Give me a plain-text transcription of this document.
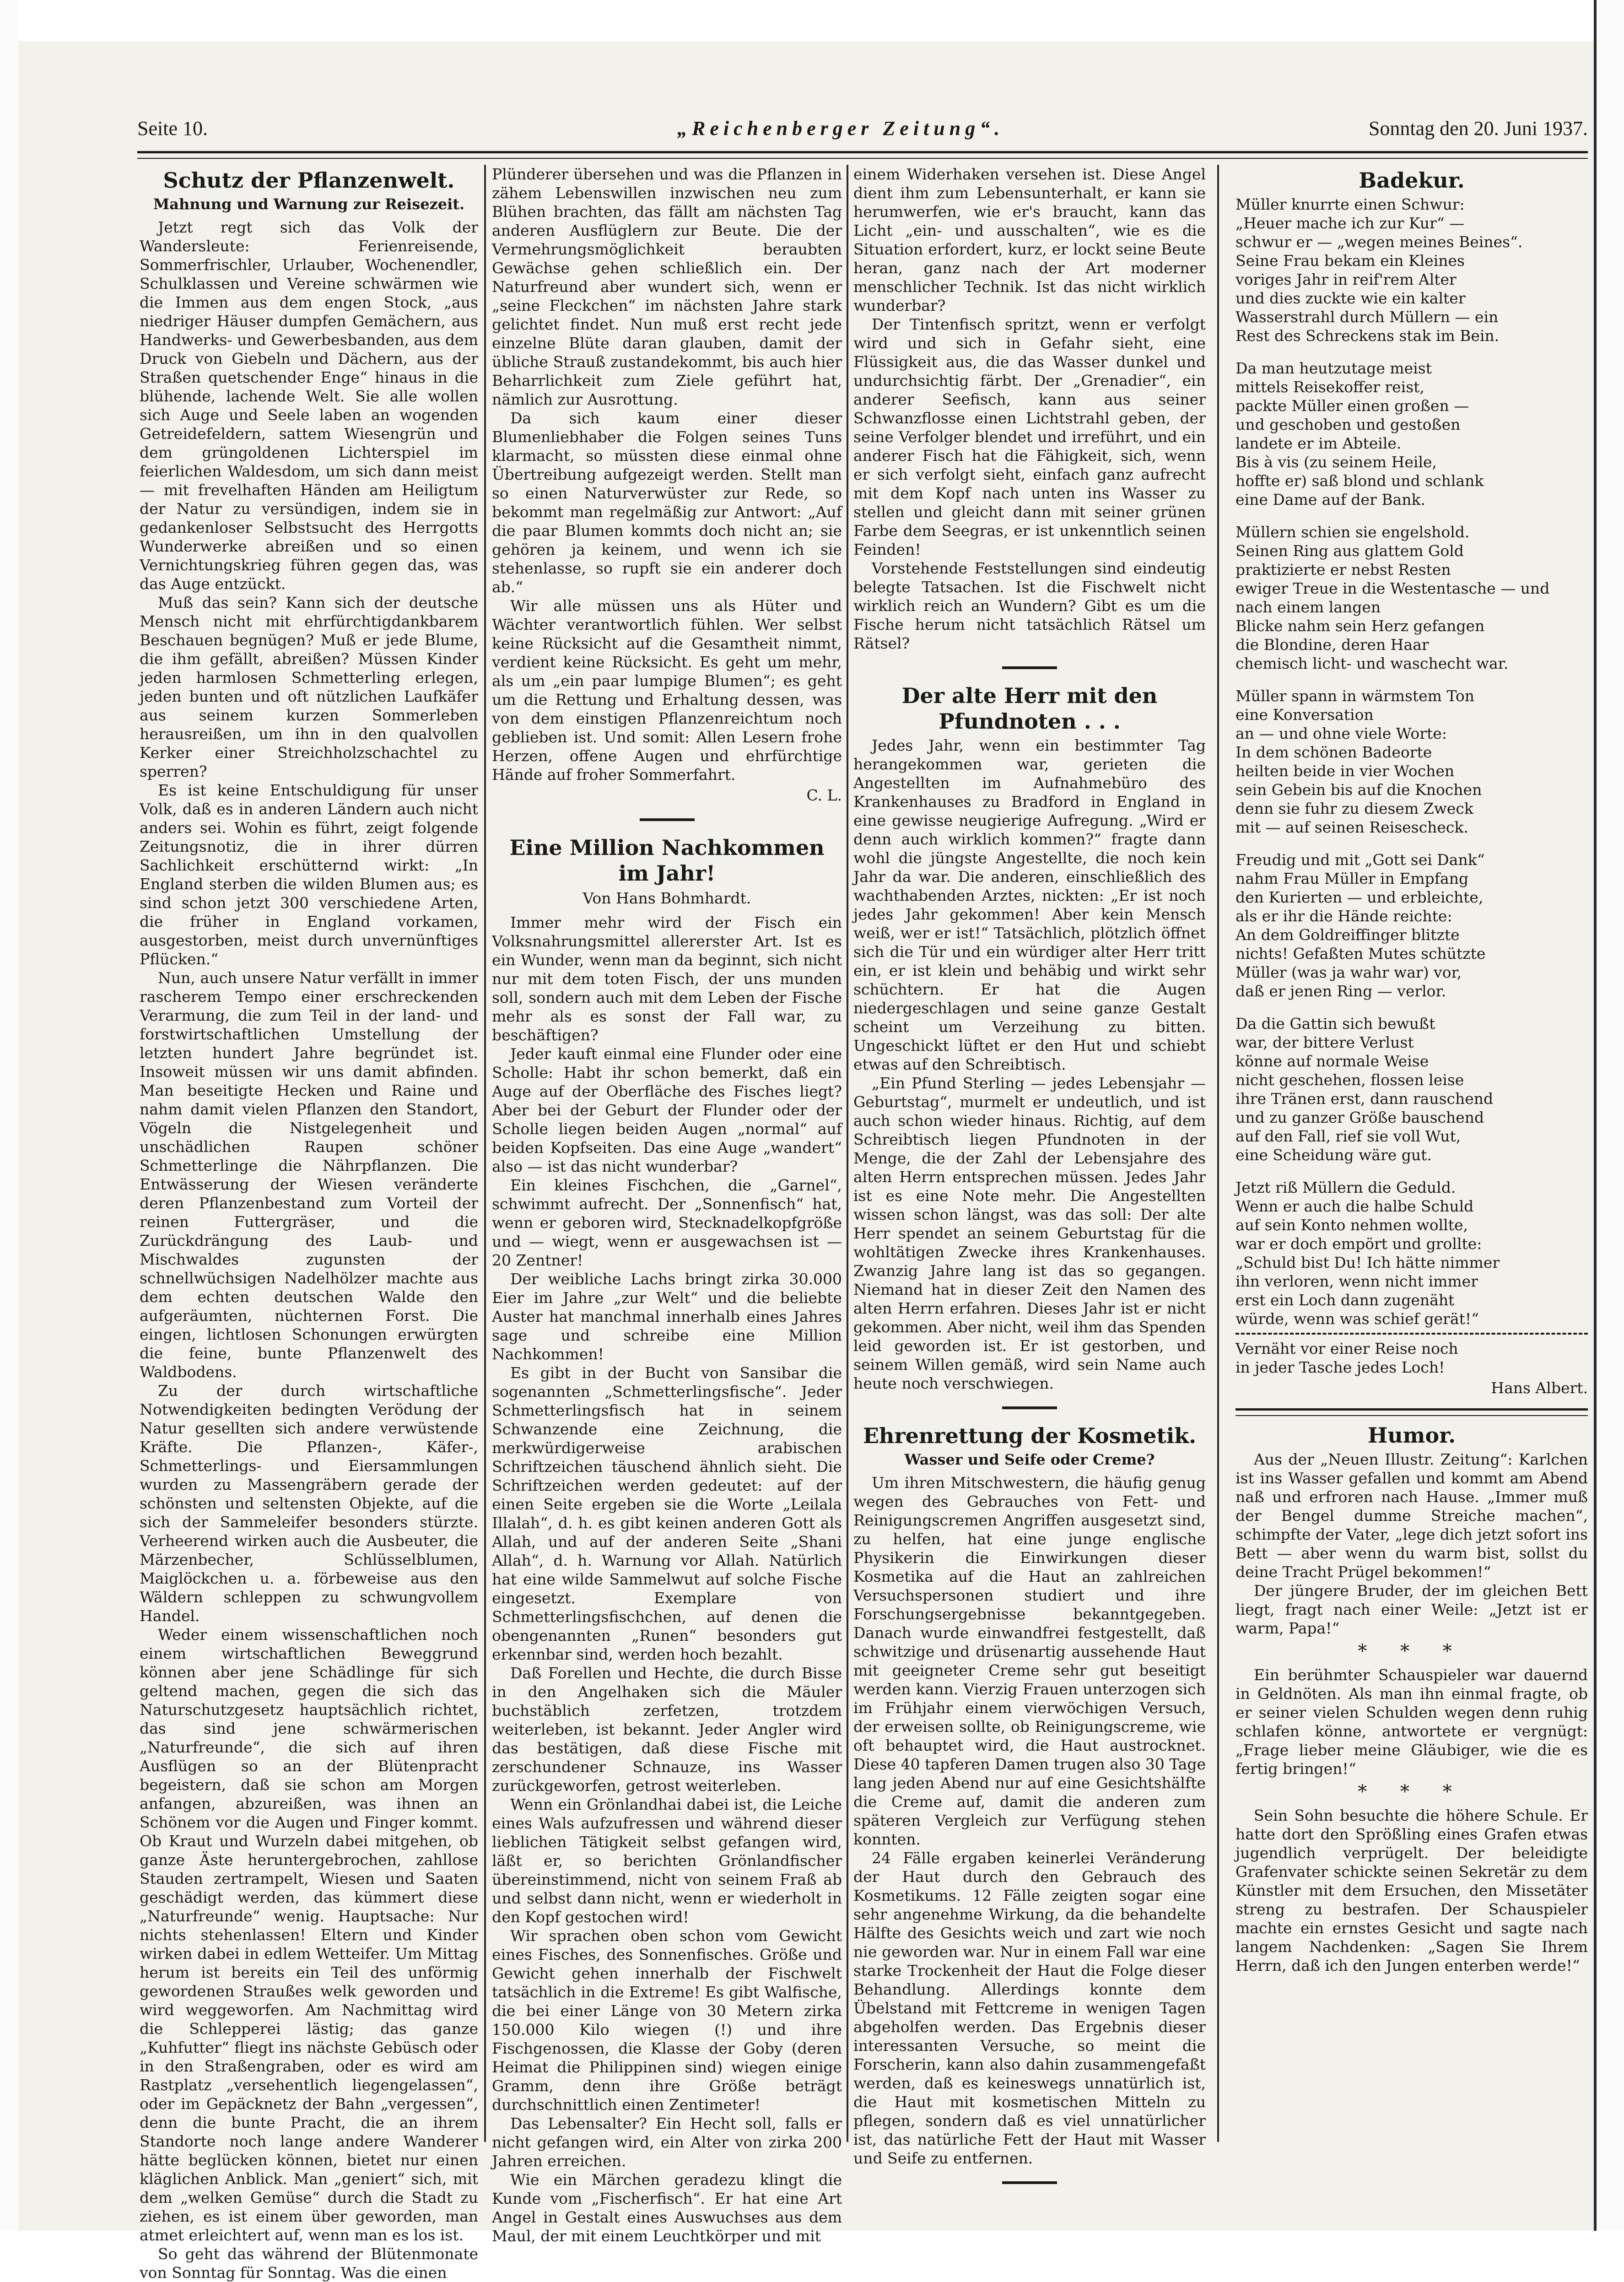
Seite 10.	„Reichenberger Zeitung“.	Sonntag den 20. Juni 1937.
Schutz der Pflanzenwelt.
Mahnung und Warnung zur Reisezeit.

Jetzt regt sich das Volk der Wandersleute: Ferienreisende, Sommerfrischler, Urlauber, Wochenendler, Schulklassen und Vereine schwärmen wie die Immen aus dem engen Stock, „aus niedriger Häuser dumpfen Gemächern, aus Handwerks- und Gewerbesbanden, aus dem Druck von Giebeln und Dächern, aus der Straßen quetschender Enge“ hinaus in die blühende, lachende Welt. Sie alle wollen sich Auge und Seele laben an wogenden Getreidefeldern, sattem Wiesengrün und dem grüngoldenen Lichterspiel im feierlichen Waldesdom, um sich dann meist — mit frevelhaften Händen am Heiligtum der Natur zu versündigen, indem sie in gedankenloser Selbstsucht des Herrgotts Wunderwerke abreißen und so einen Vernichtungskrieg führen gegen das, was das Auge entzückt.

Muß das sein? Kann sich der deutsche Mensch nicht mit ehrfürchtigdankbarem Beschauen begnügen? Muß er jede Blume, die ihm gefällt, abreißen? Müssen Kinder jeden harmlosen Schmetterling erlegen, jeden bunten und oft nützlichen Laufkäfer aus seinem kurzen Sommerleben herausreißen, um ihn in den qualvollen Kerker einer Streichholzschachtel zu sperren?

Es ist keine Entschuldigung für unser Volk, daß es in anderen Ländern auch nicht anders sei. Wohin es führt, zeigt folgende Zeitungsnotiz, die in ihrer dürren Sachlichkeit erschütternd wirkt: „In England sterben die wilden Blumen aus; es sind schon jetzt 300 verschiedene Arten, die früher in England vorkamen, ausgestorben, meist durch unvernünftiges Pflücken.“

Nun, auch unsere Natur verfällt in immer rascherem Tempo einer erschreckenden Verarmung, die zum Teil in der land- und forstwirtschaftlichen Umstellung der letzten hundert Jahre begründet ist. Insoweit müssen wir uns damit abfinden. Man beseitigte Hecken und Raine und nahm damit vielen Pflanzen den Standort, Vögeln die Nistgelegenheit und unschädlichen Raupen schöner Schmetterlinge die Nährpflanzen. Die Entwässerung der Wiesen veränderte deren Pflanzenbestand zum Vorteil der reinen Futtergräser, und die Zurückdrängung des Laub- und Mischwaldes zugunsten der schnellwüchsigen Nadelhölzer machte aus dem echten deutschen Walde den aufgeräumten, nüchternen Forst. Die eingen, lichtlosen Schonungen erwürgten die feine, bunte Pflanzenwelt des Waldbodens.

Zu der durch wirtschaftliche Notwendigkeiten bedingten Verödung der Natur gesellten sich andere verwüstende Kräfte. Die Pflanzen-, Käfer-, Schmetterlings- und Eiersammlungen wurden zu Massengräbern gerade der schönsten und seltensten Objekte, auf die sich der Sammeleifer besonders stürzte. Verheerend wirken auch die Ausbeuter, die Märzenbecher, Schlüsselblumen, Maiglöckchen u. a. förbeweise aus den Wäldern schleppen zu schwungvollem Handel.

Weder einem wissenschaftlichen noch einem wirtschaftlichen Beweggrund können aber jene Schädlinge für sich geltend machen, gegen die sich das Naturschutzgesetz hauptsächlich richtet, das sind jene schwärmerischen „Naturfreunde“, die sich auf ihren Ausflügen so an der Blütenpracht begeistern, daß sie schon am Morgen anfangen, abzureißen, was ihnen an Schönem vor die Augen und Finger kommt. Ob Kraut und Wurzeln dabei mitgehen, ob ganze Äste heruntergebrochen, zahllose Stauden zertrampelt, Wiesen und Saaten geschädigt werden, das kümmert diese „Naturfreunde“ wenig. Hauptsache: Nur nichts stehenlassen! Eltern und Kinder wirken dabei in edlem Wetteifer. Um Mittag herum ist bereits ein Teil des unförmig gewordenen Straußes welk geworden und wird weggeworfen. Am Nachmittag wird die Schlepperei lästig; das ganze „Kuhfutter“ fliegt ins nächste Gebüsch oder in den Straßengraben, oder es wird am Rastplatz „versehentlich liegengelassen“, oder im Gepäcknetz der Bahn „vergessen“, denn die bunte Pracht, die an ihrem Standorte noch lange andere Wanderer hätte beglücken können, bietet nur einen kläglichen Anblick. Man „geniert“ sich, mit dem „welken Gemüse“ durch die Stadt zu ziehen, es ist einem über geworden, man atmet erleichtert auf, wenn man es los ist.

So geht das während der Blütenmonate von Sonntag für Sonntag. Was die einen

Plünderer übersehen und was die Pflanzen in zähem Lebenswillen inzwischen neu zum Blühen brachten, das fällt am nächsten Tag anderen Ausflüglern zur Beute. Die der Vermehrungsmöglichkeit beraubten Gewächse gehen schließlich ein. Der Naturfreund aber wundert sich, wenn er „seine Fleckchen“ im nächsten Jahre stark gelichtet findet. Nun muß erst recht jede einzelne Blüte daran glauben, damit der übliche Strauß zustandekommt, bis auch hier Beharrlichkeit zum Ziele geführt hat, nämlich zur Ausrottung.

Da sich kaum einer dieser Blumenliebhaber die Folgen seines Tuns klarmacht, so müssten diese einmal ohne Übertreibung aufgezeigt werden. Stellt man so einen Naturverwüster zur Rede, so bekommt man regelmäßig zur Antwort: „Auf die paar Blumen kommts doch nicht an; sie gehören ja keinem, und wenn ich sie stehenlasse, so rupft sie ein anderer doch ab.“

Wir alle müssen uns als Hüter und Wächter verantwortlich fühlen. Wer selbst keine Rücksicht auf die Gesamtheit nimmt, verdient keine Rücksicht. Es geht um mehr, als um „ein paar lumpige Blumen“; es geht um die Rettung und Erhaltung dessen, was von dem einstigen Pflanzenreichtum noch geblieben ist. Und somit: Allen Lesern frohe Herzen, offene Augen und ehrfürchtige Hände auf froher Sommerfahrt.

C. L.
Eine Million Nachkommen im Jahr!
Von Hans Bohmhardt.

Immer mehr wird der Fisch ein Volksnahrungsmittel allererster Art. Ist es ein Wunder, wenn man da beginnt, sich nicht nur mit dem toten Fisch, der uns munden soll, sondern auch mit dem Leben der Fische mehr als es sonst der Fall war, zu beschäftigen?

Jeder kauft einmal eine Flunder oder eine Scholle: Habt ihr schon bemerkt, daß ein Auge auf der Oberfläche des Fisches liegt? Aber bei der Geburt der Flunder oder der Scholle liegen beiden Augen „normal“ auf beiden Kopfseiten. Das eine Auge „wandert“ also — ist das nicht wunderbar?

Ein kleines Fischchen, die „Garnel“, schwimmt aufrecht. Der „Sonnenfisch“ hat, wenn er geboren wird, Stecknadelkopfgröße und — wiegt, wenn er ausgewachsen ist — 20 Zentner!

Der weibliche Lachs bringt zirka 30.000 Eier im Jahre „zur Welt“ und die beliebte Auster hat manchmal innerhalb eines Jahres sage und schreibe eine Million Nachkommen!

Es gibt in der Bucht von Sansibar die sogenannten „Schmetterlingsfische“. Jeder Schmetterlingsfisch hat in seinem Schwanzende eine Zeichnung, die merkwürdigerweise arabischen Schriftzeichen täuschend ähnlich sieht. Die Schriftzeichen werden gedeutet: auf der einen Seite ergeben sie die Worte „Leilala Illalah“, d. h. es gibt keinen anderen Gott als Allah, und auf der anderen Seite „Shani Allah“, d. h. Warnung vor Allah. Natürlich hat eine wilde Sammelwut auf solche Fische eingesetzt. Exemplare von Schmetterlingsfischchen, auf denen die obengenannten „Runen“ besonders gut erkennbar sind, werden hoch bezahlt.

Daß Forellen und Hechte, die durch Bisse in den Angelhaken sich die Mäuler buchstäblich zerfetzen, trotzdem weiterleben, ist bekannt. Jeder Angler wird das bestätigen, daß diese Fische mit zerschundener Schnauze, ins Wasser zurückgeworfen, getrost weiterleben.

Wenn ein Grönlandhai dabei ist, die Leiche eines Wals aufzufressen und während dieser lieblichen Tätigkeit selbst gefangen wird, läßt er, so berichten Grönlandfischer übereinstimmend, nicht von seinem Fraß ab und selbst dann nicht, wenn er wiederholt in den Kopf gestochen wird!

Wir sprachen oben schon vom Gewicht eines Fisches, des Sonnenfisches. Größe und Gewicht gehen innerhalb der Fischwelt tatsächlich in die Extreme! Es gibt Walfische, die bei einer Länge von 30 Metern zirka 150.000 Kilo wiegen (!) und ihre Fischgenossen, die Klasse der Goby (deren Heimat die Philippinen sind) wiegen einige Gramm, denn ihre Größe beträgt durchschnittlich einen Zentimeter!

Das Lebensalter? Ein Hecht soll, falls er nicht gefangen wird, ein Alter von zirka 200 Jahren erreichen.

Wie ein Märchen geradezu klingt die Kunde vom „Fischerfisch“. Er hat eine Art Angel in Gestalt eines Auswuchses aus dem Maul, der mit einem Leuchtkörper und mit

einem Widerhaken versehen ist. Diese Angel dient ihm zum Lebensunterhalt, er kann sie herumwerfen, wie er's braucht, kann das Licht „ein- und ausschalten“, wie es die Situation erfordert, kurz, er lockt seine Beute heran, ganz nach der Art moderner menschlicher Technik. Ist das nicht wirklich wunderbar?

Der Tintenfisch spritzt, wenn er verfolgt wird und sich in Gefahr sieht, eine Flüssigkeit aus, die das Wasser dunkel und undurchsichtig färbt. Der „Grenadier“, ein anderer Seefisch, kann aus seiner Schwanzflosse einen Lichtstrahl geben, der seine Verfolger blendet und irreführt, und ein anderer Fisch hat die Fähigkeit, sich, wenn er sich verfolgt sieht, einfach ganz aufrecht mit dem Kopf nach unten ins Wasser zu stellen und gleicht dann mit seiner grünen Farbe dem Seegras, er ist unkenntlich seinen Feinden!

Vorstehende Feststellungen sind eindeutig belegte Tatsachen. Ist die Fischwelt nicht wirklich reich an Wundern? Gibt es um die Fische herum nicht tatsächlich Rätsel um Rätsel?

Der alte Herr mit den Pfundnoten . . .

Jedes Jahr, wenn ein bestimmter Tag herangekommen war, gerieten die Angestellten im Aufnahmebüro des Krankenhauses zu Bradford in England in eine gewisse neugierige Aufregung. „Wird er denn auch wirklich kommen?“ fragte dann wohl die jüngste Angestellte, die noch kein Jahr da war. Die anderen, einschließlich des wachthabenden Arztes, nickten: „Er ist noch jedes Jahr gekommen! Aber kein Mensch weiß, wer er ist!“ Tatsächlich, plötzlich öffnet sich die Tür und ein würdiger alter Herr tritt ein, er ist klein und behäbig und wirkt sehr schüchtern. Er hat die Augen niedergeschlagen und seine ganze Gestalt scheint um Verzeihung zu bitten. Ungeschickt lüftet er den Hut und schiebt etwas auf den Schreibtisch.

„Ein Pfund Sterling — jedes Lebensjahr — Geburtstag“, murmelt er undeutlich, und ist auch schon wieder hinaus. Richtig, auf dem Schreibtisch liegen Pfundnoten in der Menge, die der Zahl der Lebensjahre des alten Herrn entsprechen müssen. Jedes Jahr ist es eine Note mehr. Die Angestellten wissen schon längst, was das soll: Der alte Herr spendet an seinem Geburtstag für die wohltätigen Zwecke ihres Krankenhauses. Zwanzig Jahre lang ist das so gegangen. Niemand hat in dieser Zeit den Namen des alten Herrn erfahren. Dieses Jahr ist er nicht gekommen. Aber nicht, weil ihm das Spenden leid geworden ist. Er ist gestorben, und seinem Willen gemäß, wird sein Name auch heute noch verschwiegen.

Ehrenrettung der Kosmetik.
Wasser und Seife oder Creme?

Um ihren Mitschwestern, die häufig genug wegen des Gebrauches von Fett- und Reinigungscremen Angriffen ausgesetzt sind, zu helfen, hat eine junge englische Physikerin die Einwirkungen dieser Kosmetika auf die Haut an zahlreichen Versuchspersonen studiert und ihre Forschungsergebnisse bekanntgegeben. Danach wurde einwandfrei festgestellt, daß schwitzige und drüsenartig aussehende Haut mit geeigneter Creme sehr gut beseitigt werden kann. Vierzig Frauen unterzogen sich im Frühjahr einem vierwöchigen Versuch, der erweisen sollte, ob Reinigungscreme, wie oft behauptet wird, die Haut austrocknet. Diese 40 tapferen Damen trugen also 30 Tage lang jeden Abend nur auf eine Gesichtshälfte die Creme auf, damit die anderen zum späteren Vergleich zur Verfügung stehen konnten.

24 Fälle ergaben keinerlei Veränderung der Haut durch den Gebrauch des Kosmetikums. 12 Fälle zeigten sogar eine sehr angenehme Wirkung, da die behandelte Hälfte des Gesichts weich und zart wie noch nie geworden war. Nur in einem Fall war eine starke Trockenheit der Haut die Folge dieser Behandlung. Allerdings konnte dem Übelstand mit Fettcreme in wenigen Tagen abgeholfen werden. Das Ergebnis dieser interessanten Versuche, so meint die Forscherin, kann also dahin zusammengefaßt werden, daß es keineswegs unnatürlich ist, die Haut mit kosmetischen Mitteln zu pflegen, sondern daß es viel unnatürlicher ist, das natürliche Fett der Haut mit Wasser und Seife zu entfernen.

Badekur.

Müller knurrte einen Schwur:

„Heuer mache ich zur Kur“ —

schwur er — „wegen meines Beines“.

Seine Frau bekam ein Kleines

voriges Jahr in reif'rem Alter

und dies zuckte wie ein kalter

Wasserstrahl durch Müllern — ein

Rest des Schreckens stak im Bein.

Da man heutzutage meist

mittels Reisekoffer reist,

packte Müller einen großen —

und geschoben und gestoßen

landete er im Abteile.

Bis à vis (zu seinem Heile,

hoffte er) saß blond und schlank

eine Dame auf der Bank.

Müllern schien sie engelshold.

Seinen Ring aus glattem Gold

praktizierte er nebst Resten

ewiger Treue in die Westentasche — und nach einem langen

Blicke nahm sein Herz gefangen

die Blondine, deren Haar

chemisch licht- und waschecht war.

Müller spann in wärmstem Ton

eine Konversation

an — und ohne viele Worte:

In dem schönen Badeorte

heilten beide in vier Wochen

sein Gebein bis auf die Knochen

denn sie fuhr zu diesem Zweck

mit — auf seinen Reisescheck.

Freudig und mit „Gott sei Dank“

nahm Frau Müller in Empfang

den Kurierten — und erbleichte,

als er ihr die Hände reichte:

An dem Goldreiffinger blitzte

nichts! Gefaßten Mutes schützte

Müller (was ja wahr war) vor,

daß er jenen Ring — verlor.

Da die Gattin sich bewußt

war, der bittere Verlust

könne auf normale Weise

nicht geschehen, flossen leise

ihre Tränen erst, dann rauschend

und zu ganzer Größe bauschend

auf den Fall, rief sie voll Wut,

eine Scheidung wäre gut.

Jetzt riß Müllern die Geduld.

Wenn er auch die halbe Schuld

auf sein Konto nehmen wollte,

war er doch empört und grollte:

„Schuld bist Du! Ich hätte nimmer

ihn verloren, wenn nicht immer

erst ein Loch dann zugenäht

würde, wenn was schief gerät!“

Vernäht vor einer Reise noch

in jeder Tasche jedes Loch!

Hans Albert.
Humor.

Aus der „Neuen Illustr. Zeitung“: Karlchen ist ins Wasser gefallen und kommt am Abend naß und erfroren nach Hause. „Immer muß der Bengel dumme Streiche machen“, schimpfte der Vater, „lege dich jetzt sofort ins Bett — aber wenn du warm bist, sollst du deine Tracht Prügel bekommen!“

Der jüngere Bruder, der im gleichen Bett liegt, fragt nach einer Weile: „Jetzt ist er warm, Papa!“

* * *

Ein berühmter Schauspieler war dauernd in Geldnöten. Als man ihn einmal fragte, ob er seiner vielen Schulden wegen denn ruhig schlafen könne, antwortete er vergnügt: „Frage lieber meine Gläubiger, wie die es fertig bringen!“

* * *

Sein Sohn besuchte die höhere Schule. Er hatte dort den Sprößling eines Grafen etwas jugendlich verprügelt. Der beleidigte Grafenvater schickte seinen Sekretär zu dem Künstler mit dem Ersuchen, den Missetäter streng zu bestrafen. Der Schauspieler machte ein ernstes Gesicht und sagte nach langem Nachdenken: „Sagen Sie Ihrem Herrn, daß ich den Jungen enterben werde!“
